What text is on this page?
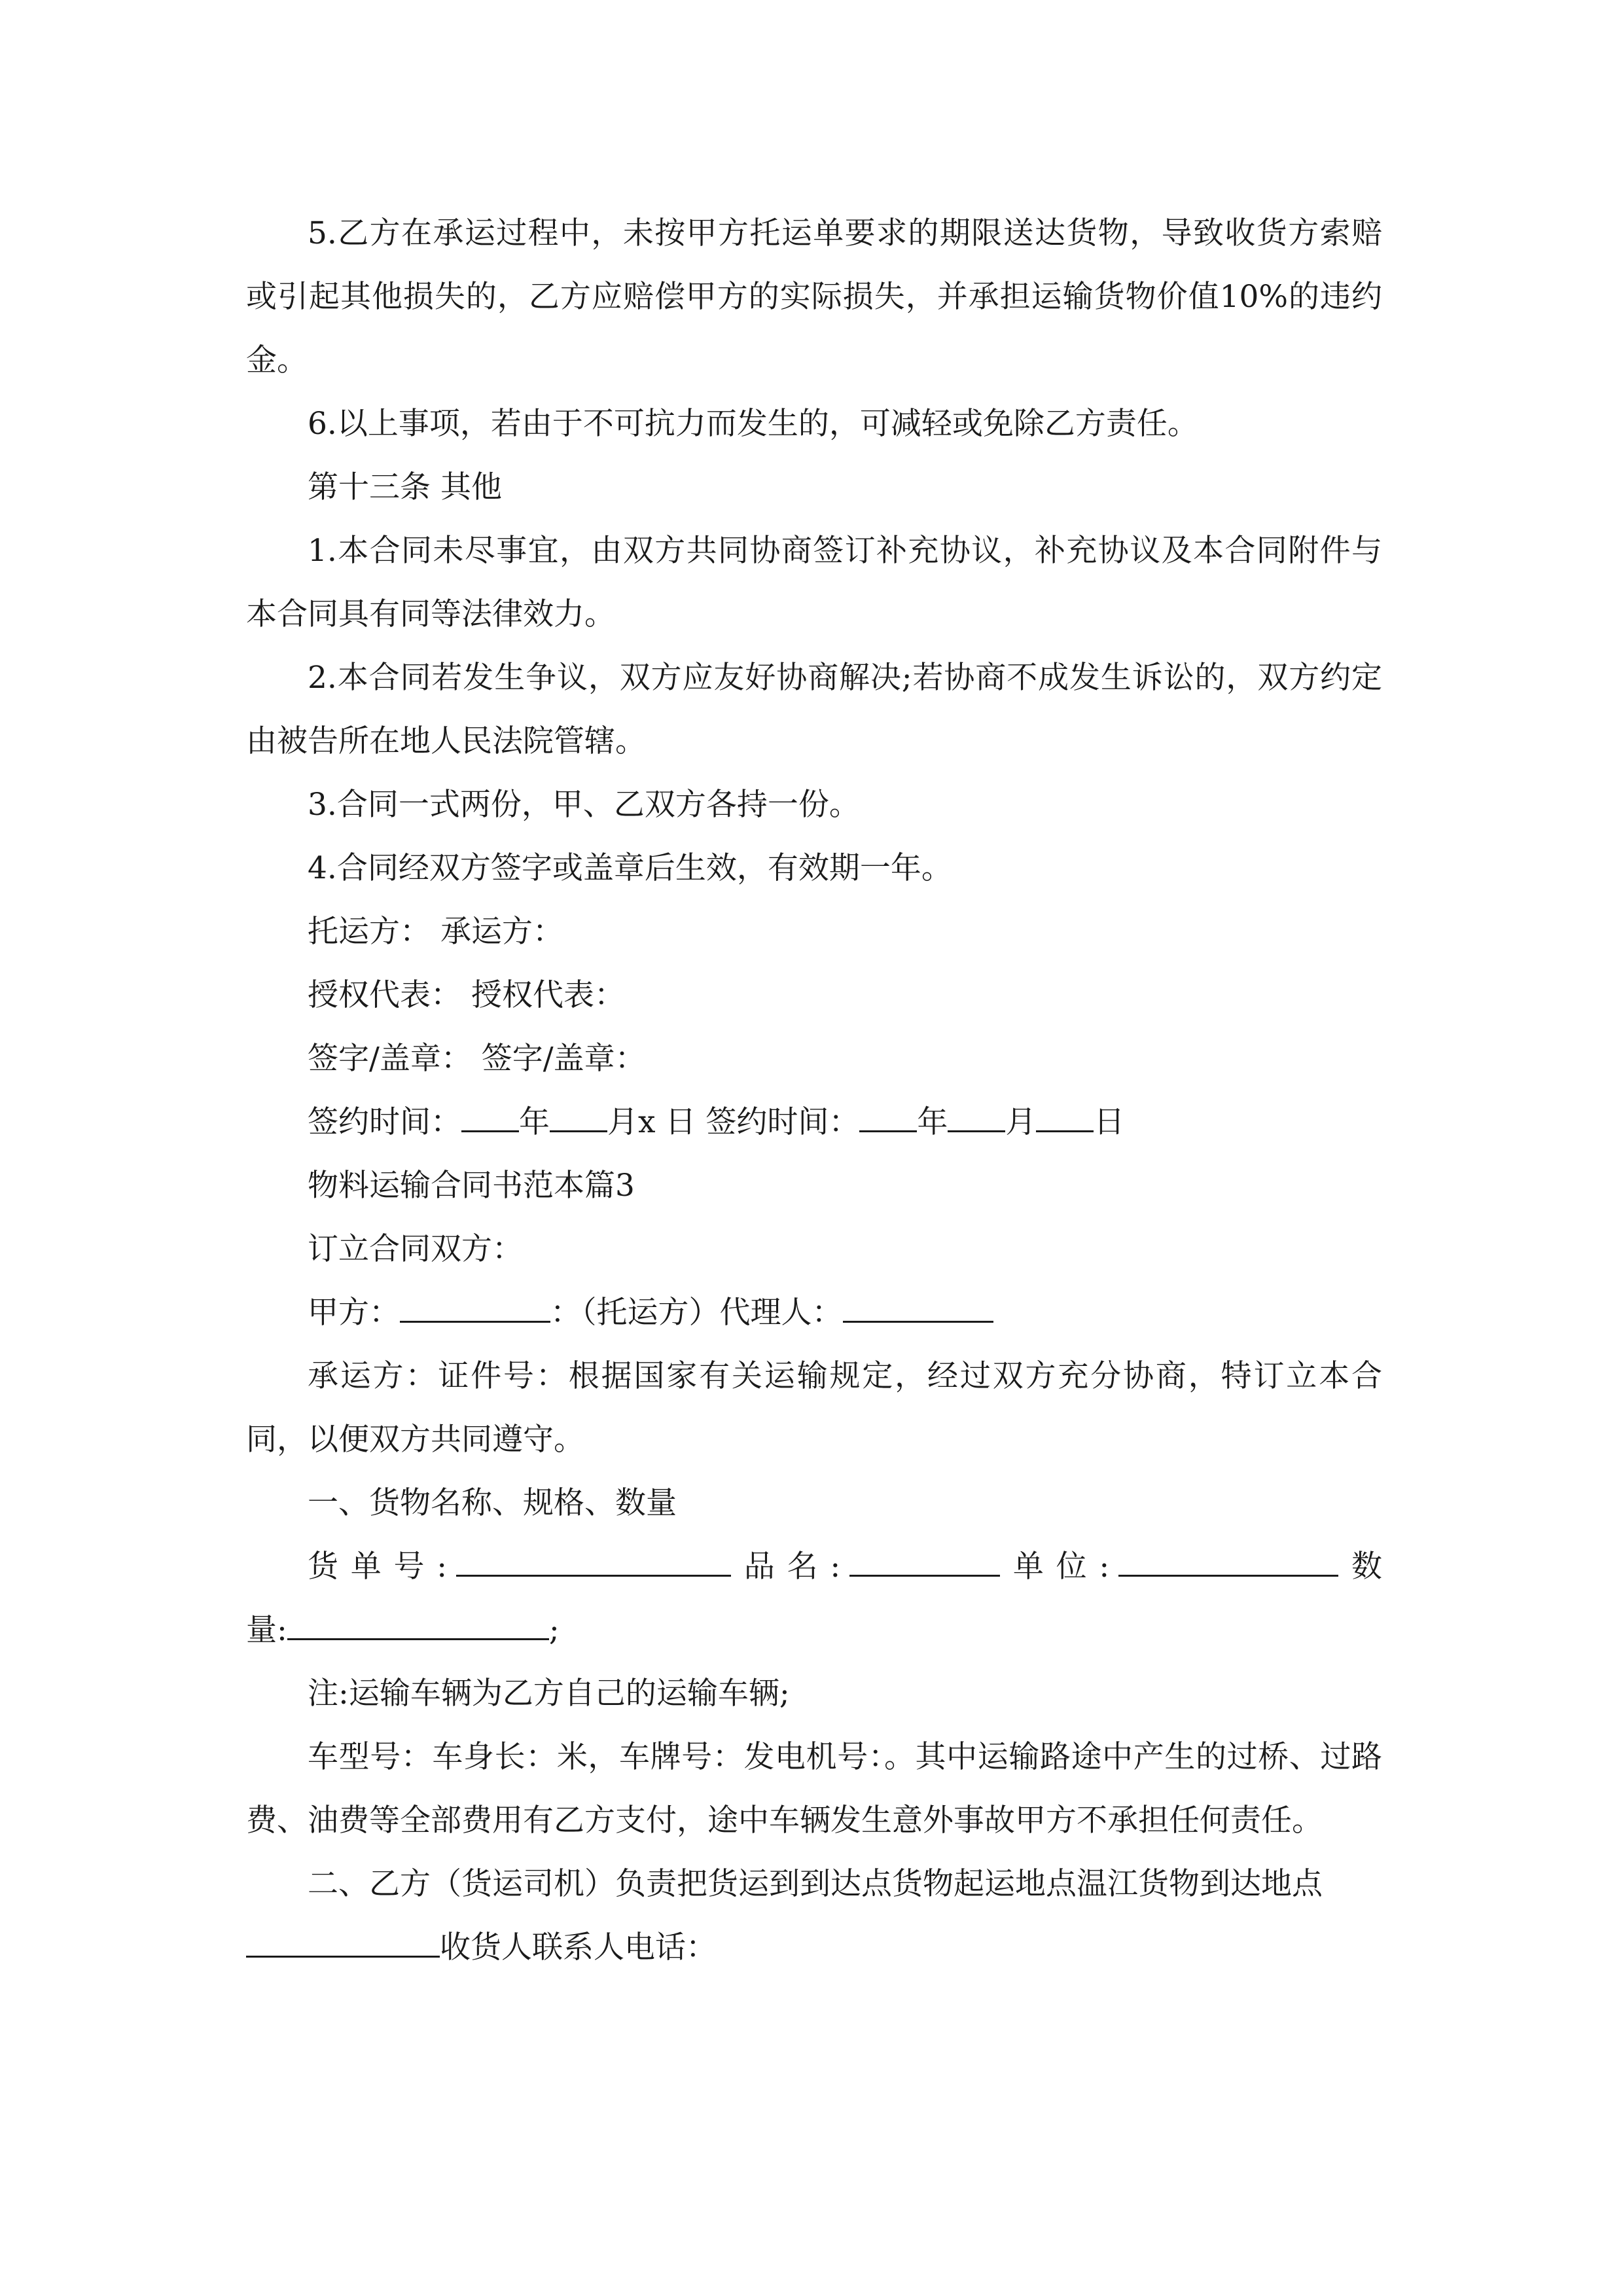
5.乙方在承运过程中，未按甲方托运单要求的期限送达货物，导致收货方索赔或引起其他损失的，乙方应赔偿甲方的实际损失，并承担运输货物价值10%的违约金。

6.以上事项，若由于不可抗力而发生的，可减轻或免除乙方责任。

第十三条 其他

1.本合同未尽事宜，由双方共同协商签订补充协议，补充协议及本合同附件与本合同具有同等法律效力。

2.本合同若发生争议，双方应友好协商解决;若协商不成发生诉讼的，双方约定由被告所在地人民法院管辖。

3.合同一式两份，甲、乙双方各持一份。

4.合同经双方签字或盖章后生效，有效期一年。

托运方： 承运方：

授权代表： 授权代表：

签字/盖章： 签字/盖章：

签约时间： 年 月x 日 签约时间： 年 月 日

物料运输合同书范本篇3

订立合同双方：

甲方：	：（托运方）代理人：

承运方：证件号：根据国家有关运输规定，经过双方充分协商，特订立本合同，以便双方共同遵守。

一、货物名称、规格、数量

货单号:	品名:	单位:	数量:	;

注:运输车辆为乙方自己的运输车辆;

车型号：车身长：米，车牌号：发电机号：。其中运输路途中产生的过桥、过路费、油费等全部费用有乙方支付，途中车辆发生意外事故甲方不承担任何责任。

二、乙方（货运司机）负责把货运到到达点货物起运地点温江货物到达地点

收货人联系人电话：
